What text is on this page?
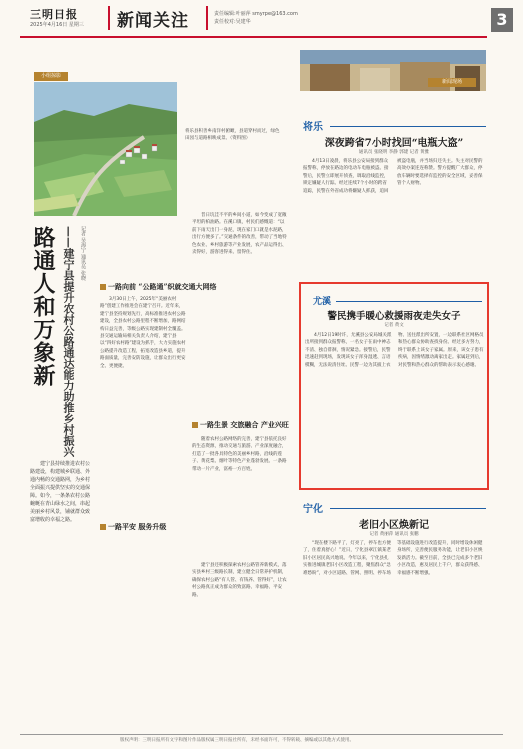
三明日报
2025年4月16日 星期三 新闻关注	责任编辑:叶丽萍 smyrpe@163.com
责任校对:吴建华	3
小组掠影
将乐县积善乡南洋村俯瞰，县道穿村而过，绿色田园与道路相映成景。（资料图）
路通人和万象新 ——建宁县提升农村公路通达能力助推乡村振兴 记者 吴海宁 通讯员 张晓

建宁县持续推进农村公路建设，构建城乡联通、外通内畅的交通路网，为乡村全面振兴提供坚实的交通保障。如今，一条条农村公路蜿蜒在青山绿水之间，串起美丽乡村风景，铺就群众致富增收的幸福之路。

一路向前 “公路通”织就交通大网络

3月30日上午，2025年“美丽农村路”创建工作推进会在建宁召开。近年来，建宁县坚持规划先行，高标准推进农村公路建设，全县农村公路里程不断增加，路网结构日益完善，等级公路实现建制村全覆盖。县交通运输局相关负责人介绍，建宁县以“四好农村路”建设为抓手，大力实施农村公路提升改造工程，拓宽改造县乡道，提升路面质量，完善安防设施，让群众出行更安全、更便捷。

昔日坑洼不平的乡间小道，如今变成了宽敞平坦的柏油路。在溪口镇，村民们感慨道：“以前下雨天出门一身泥，现在家门口就是水泥路，出行方便多了。”交通条件的改善，带动了当地特色农业、乡村旅游等产业发展，农产品运得出、卖得好，游客进得来、留得住。

一路生景 交旅融合 产业兴旺

随着农村公路网络的完善，建宁县依托良好的生态资源，推动交通与旅游、产业深度融合，打造了一批各具特色的美丽乡村路，沿线的莲子、黄花梨、烟叶等特色产业蓬勃发展。一条路带动一片产业，富裕一方百姓。

一路平安 服务升级

建宁县还积极探索农村公路管养新模式，落实县乡村三级路长制，建立健全日常养护机制，确保农村公路“有人管、有钱养、管得好”，让农村公路真正成为群众的致富路、幸福路、平安路。

新闻现场
将乐
深夜跨省7小时找回“电瓶大盗”
通讯员 张晓明 李静 郭建 记者 黄雅

4月13日凌晨，将乐县公安局接到群众报警称，停放在路边的电动车电瓶被盗。接警后，民警立即展开侦查，调取沿线监控，锁定嫌疑人行踪。经过连续7个小时的跨省追踪，民警在外省成功将嫌疑人抓获，追回被盗电瓶，并当场归还失主。失主对民警的高效办案连连称赞。警方提醒广大群众，停放车辆时要选择有监控的安全区域，妥善保管个人财物。

尤溪
警民携手暖心救援雨夜走失女子
记者 黄文

4月12日19时许，尤溪县公安局城关派出所接到群众报警称，一名女子在雨中神志不清、独自徘徊，情况紧急。接警后，民警迅速赶到现场，发现该女子浑身湿透、言语模糊，无法说清住址。民警一边为其披上衣物、送往派出所安置，一边联系社区网格员和热心群众协助查找身份。经过多方努力，终于联系上该女子家属。原来，该女子患有疾病，因情绪激动离家出走。家属赶到后，对民警和热心群众的帮助表示衷心感谢。

宁化
老旧小区焕新记
记者 黄丽萍 通讯员 张鹏

“现在楼下路平了，灯亮了，停车也方便了，住着真舒心！”近日，宁化县翠江镇某老旧小区居民高兴地说。今年以来，宁化县扎实推进城镇老旧小区改造工程，聚焦群众“急难愁盼”，对小区道路、管网、照明、停车场等基础设施进行改造提升，同时增设休闲健身场所，完善便民服务功能，让老旧小区焕发新活力。截至目前，全县已完成多个老旧小区改造，惠及居民上千户，群众获得感、幸福感不断增强。

版权声明：三明日报所有文字和图片作品版权属三明日报社所有，未经书面许可，不得转载、摘编或以其他方式使用。
